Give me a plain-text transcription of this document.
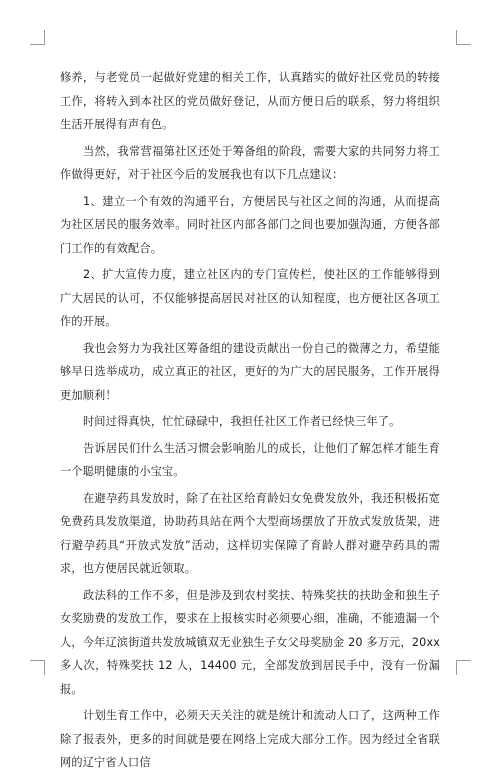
修养，与老党员一起做好党建的相关工作，认真踏实的做好社区党员的转接工作，将转入到本社区的党员做好登记，从而方便日后的联系，努力将组织生活开展得有声有色。

当然，我常营福第社区还处于筹备组的阶段，需要大家的共同努力将工作做得更好，对于社区今后的发展我也有以下几点建议：

1、建立一个有效的沟通平台，方便居民与社区之间的沟通，从而提高为社区居民的服务效率。同时社区内部各部门之间也要加强沟通，方便各部门工作的有效配合。

2、扩大宣传力度，建立社区内的专门宣传栏，使社区的工作能够得到广大居民的认可，不仅能够提高居民对社区的认知程度，也方便社区各项工作的开展。

我也会努力为我社区筹备组的建设贡献出一份自己的微薄之力，希望能够早日选举成功，成立真正的社区，更好的为广大的居民服务，工作开展得更加顺利！

时间过得真快，忙忙碌碌中，我担任社区工作者已经快三年了。

告诉居民们什么生活习惯会影响胎儿的成长，让他们了解怎样才能生育一个聪明健康的小宝宝。

在避孕药具发放时，除了在社区给育龄妇女免费发放外，我还积极拓宽免费药具发放渠道，协助药具站在两个大型商场摆放了开放式发放货架，进行避孕药具“开放式发放”活动，这样切实保障了育龄人群对避孕药具的需求，也方便居民就近领取。

政法科的工作不多，但是涉及到农村奖扶、特殊奖扶的扶助金和独生子女奖励费的发放工作，要求在上报核实时必须要心细，准确，不能遗漏一个人，今年辽滨街道共发放城镇双无业独生子女父母奖励金 20 多万元，20xx 多人次，特殊奖扶 12 人，14400 元，全部发放到居民手中，没有一份漏报。

计划生育工作中，必须天天关注的就是统计和流动人口了，这两种工作除了报表外，更多的时间就是要在网络上完成大部分工作。因为经过全省联网的辽宁省人口信
